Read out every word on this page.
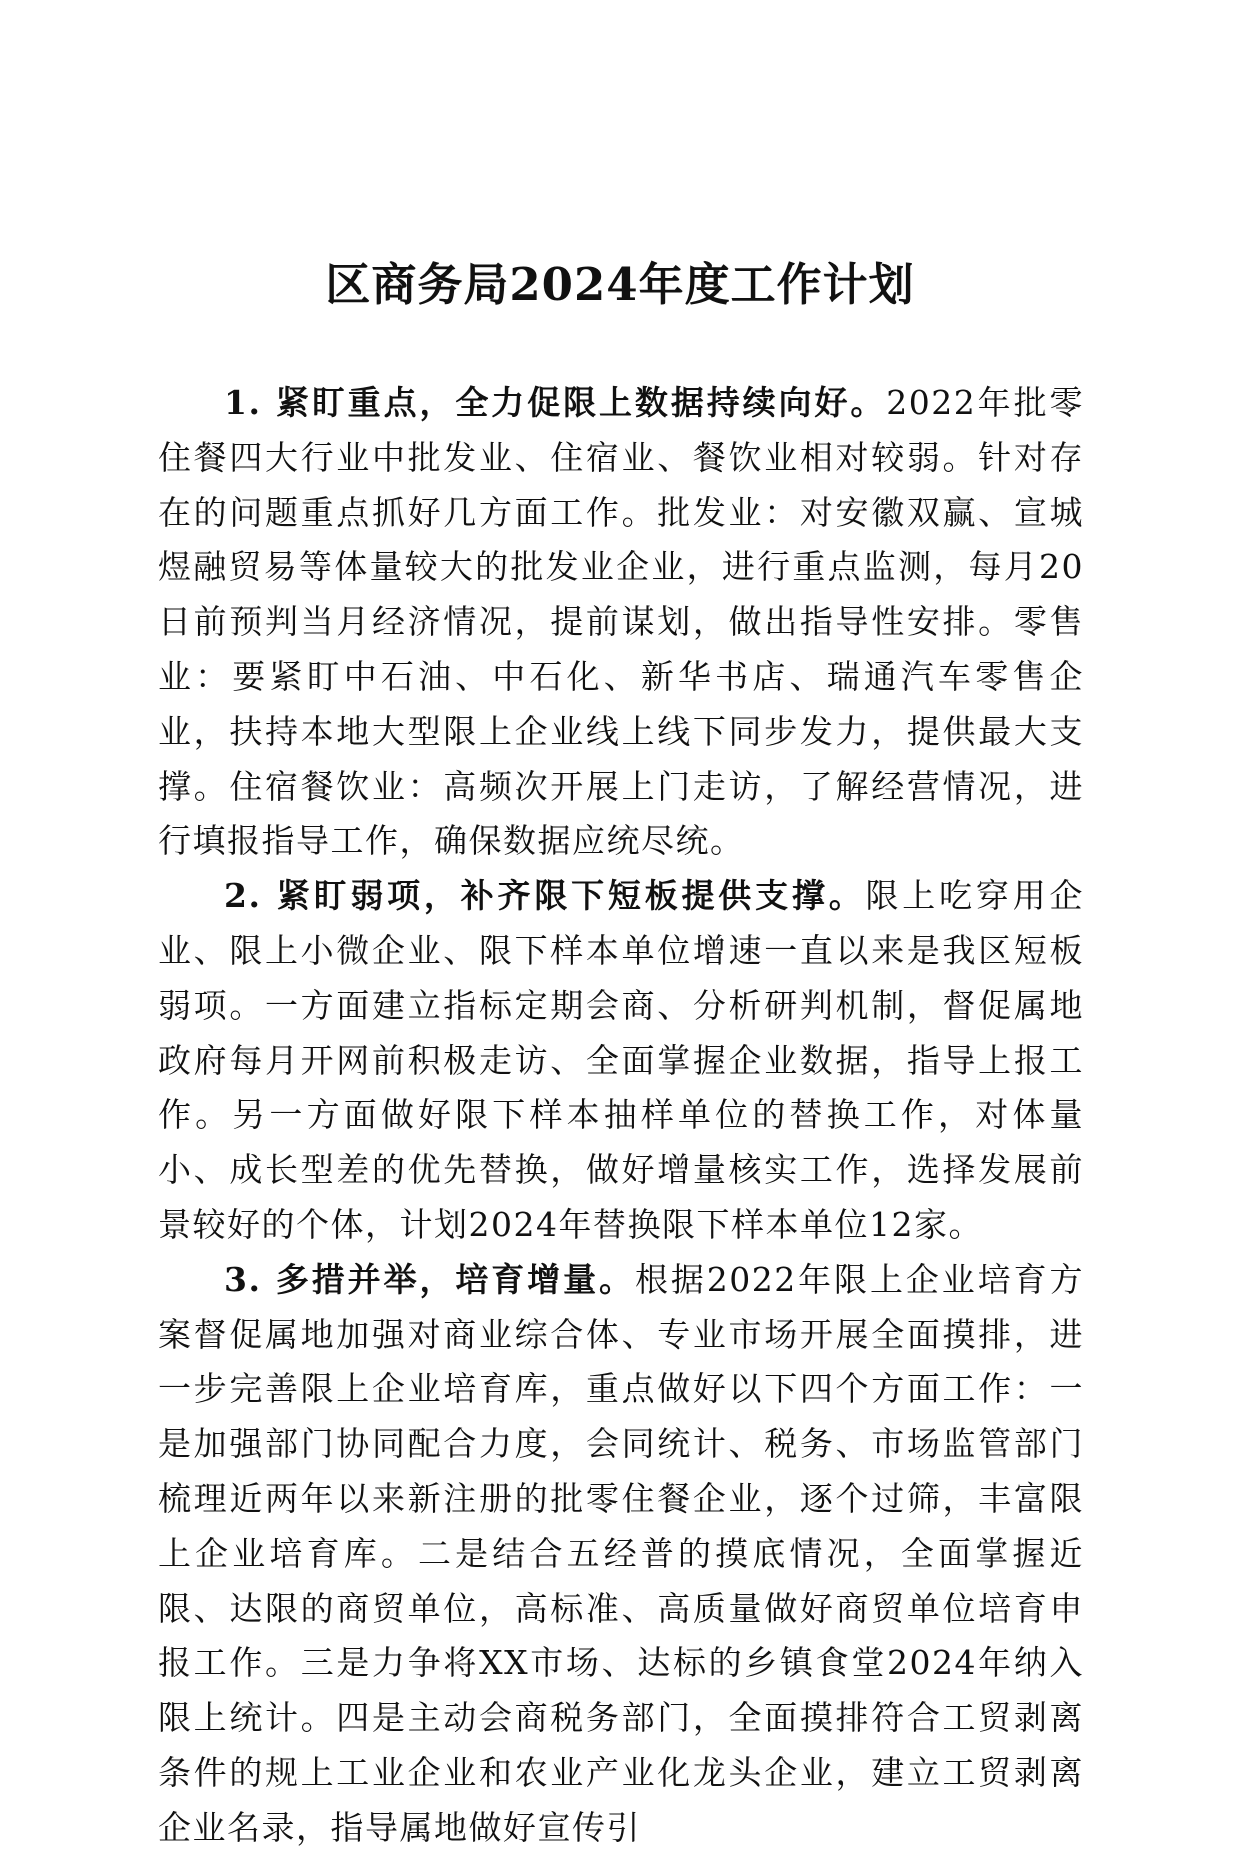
区商务局2024年度工作计划

1. 紧盯重点，全力促限上数据持续向好。2022年批零住餐四大行业中批发业、住宿业、餐饮业相对较弱。针对存在的问题重点抓好几方面工作。批发业：对安徽双赢、宣城煜融贸易等体量较大的批发业企业，进行重点监测，每月20日前预判当月经济情况，提前谋划，做出指导性安排。零售业：要紧盯中石油、中石化、新华书店、瑞通汽车零售企业，扶持本地大型限上企业线上线下同步发力，提供最大支撑。住宿餐饮业：高频次开展上门走访，了解经营情况，进行填报指导工作，确保数据应统尽统。

2. 紧盯弱项，补齐限下短板提供支撑。限上吃穿用企业、限上小微企业、限下样本单位增速一直以来是我区短板弱项。一方面建立指标定期会商、分析研判机制，督促属地政府每月开网前积极走访、全面掌握企业数据，指导上报工作。另一方面做好限下样本抽样单位的替换工作，对体量小、成长型差的优先替换，做好增量核实工作，选择发展前景较好的个体，计划2024年替换限下样本单位12家。

3. 多措并举，培育增量。根据2022年限上企业培育方案督促属地加强对商业综合体、专业市场开展全面摸排，进一步完善限上企业培育库，重点做好以下四个方面工作：一是加强部门协同配合力度，会同统计、税务、市场监管部门梳理近两年以来新注册的批零住餐企业，逐个过筛，丰富限上企业培育库。二是结合五经普的摸底情况，全面掌握近限、达限的商贸单位，高标准、高质量做好商贸单位培育申报工作。三是力争将XX市场、达标的乡镇食堂2024年纳入限上统计。四是主动会商税务部门，全面摸排符合工贸剥离条件的规上工业企业和农业产业化龙头企业，建立工贸剥离企业名录，指导属地做好宣传引
